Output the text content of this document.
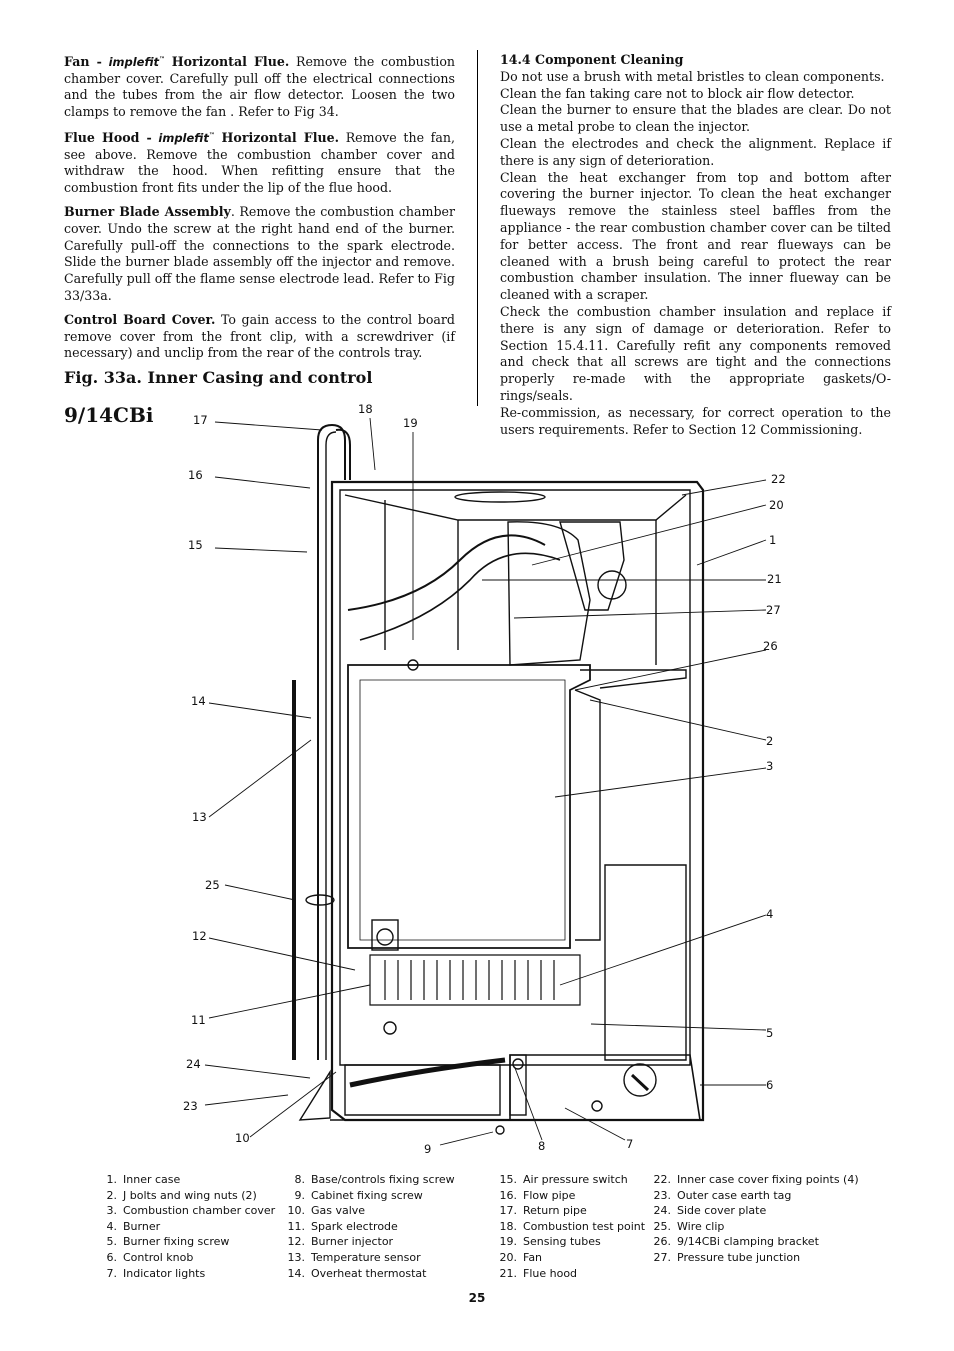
Fan - implefit™ Horizontal Flue. Remove the combustion chamber cover. Carefully pull off the electrical connections and the tubes from the air flow detector. Loosen the two clamps to remove the fan . Refer to Fig 34.

Flue Hood - implefit™ Horizontal Flue. Remove the fan, see above. Remove the combustion chamber cover and withdraw the hood. When refitting ensure that the combustion front fits under the lip of the flue hood.

Burner Blade Assembly. Remove the combustion chamber cover. Undo the screw at the right hand end of the burner. Carefully pull-off the connections to the spark electrode. Slide the burner blade assembly off the injector and remove. Carefully pull off the flame sense electrode lead. Refer to Fig 33/33a.

Control Board Cover. To gain access to the control board remove cover from the front clip, with a screwdriver (if necessary) and unclip from the rear of the controls tray.

14.4 Component Cleaning

Do not use a brush with metal bristles to clean components.

Clean the fan taking care not to block air flow detector.

Clean the burner to ensure that the blades are clear. Do not use a metal probe to clean the injector.

Clean the electrodes and check the alignment. Replace if there is any sign of deterioration.

Clean the heat exchanger from top and bottom after covering the burner injector. To clean the heat exchanger flueways remove the stainless steel baffles from the appliance - the rear combustion chamber cover can be tilted for better access. The front and rear flueways can be cleaned with a brush being careful to protect the rear combustion chamber insulation. The inner flueway can be cleaned with a scraper.

Check the combustion chamber insulation and replace if there is any sign of damage or deterioration. Refer to Section 15.4.11. Carefully refit any components removed and check that all screws are tight and the connections properly re-made with the appropriate gaskets/O-rings/seals.

Re-commission, as necessary, for correct operation to the users requirements. Refer to Section 12 Commissioning.

Fig. 33a. Inner Casing and control
9/14CBi	17
18
19
16	22
20
1
15
21
27
26
14
2
3
13
4
25
12
11
5
24
6
23
10
9	8	7
1. Inner case
2. J bolts and wing nuts (2)
3. Combustion chamber cover
4. Burner
5. Burner fixing screw
6. Control knob
7. Indicator lights
8. Base/controls fixing screw
9. Cabinet fixing screw
10. Gas valve
11. Spark electrode
12. Burner injector
13. Temperature sensor
14. Overheat thermostat
15. Air pressure switch
16. Flow pipe
17. Return pipe
18. Combustion test point
19. Sensing tubes
20. Fan
21. Flue hood
22. Inner case cover fixing points (4)
23. Outer case earth tag
24. Side cover plate
25. Wire clip
26. 9/14CBi clamping bracket
27. Pressure tube junction
25
